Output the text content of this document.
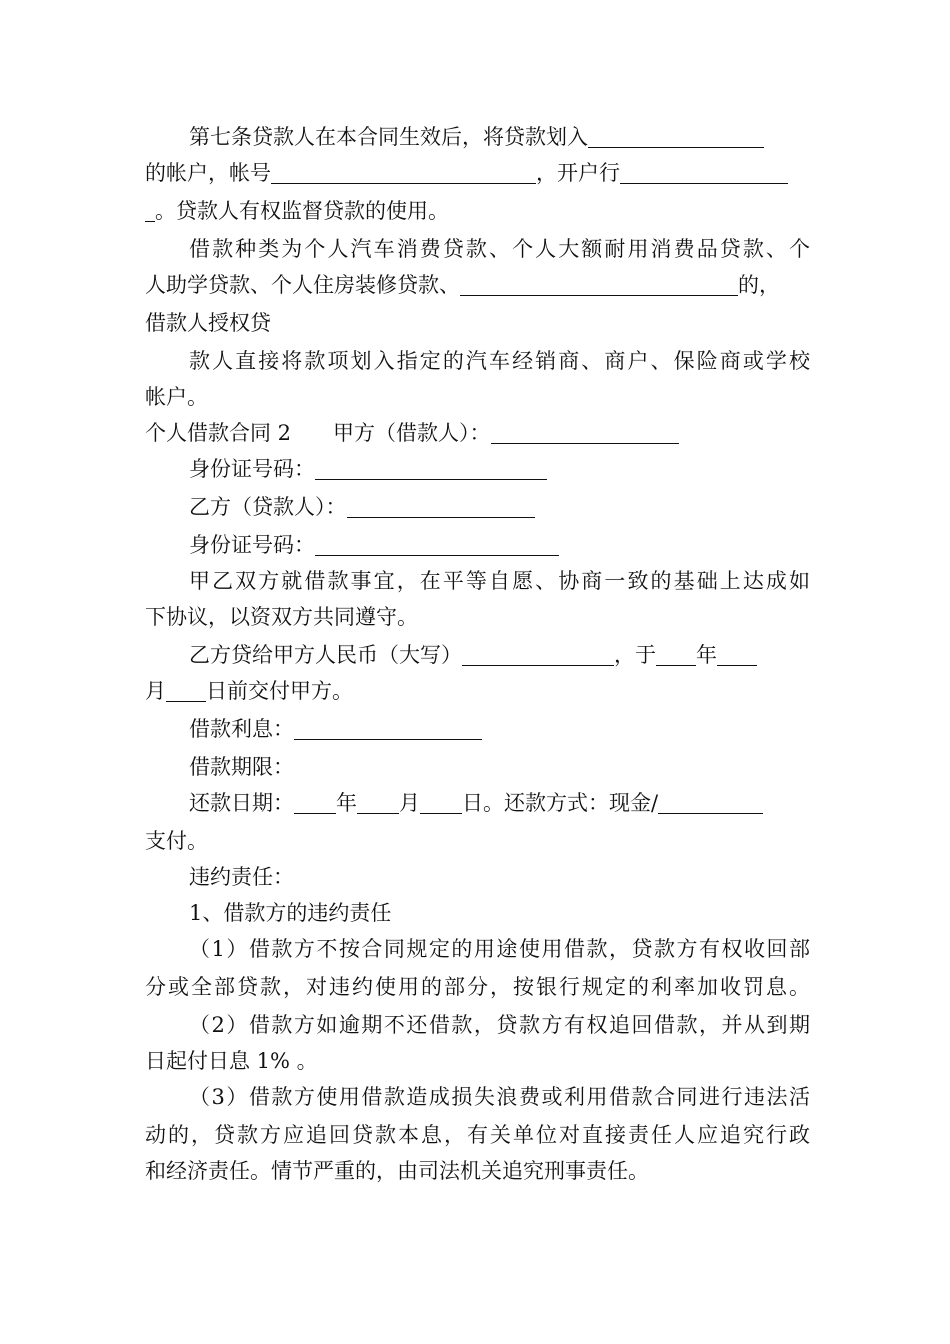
第七条贷款人在本合同生效后，将贷款划入
的帐户，帐号	，开户行
。贷款人有权监督贷款的使用。
借款种类为个人汽车消费贷款、个人大额耐用消费品贷款、个
人助学贷款、个人住房装修贷款、	的，
借款人授权贷
款人直接将款项划入指定的汽车经销商、商户、保险商或学校
帐户。
个人借款合同 2 甲方（借款人）：
身份证号码：
乙方（贷款人）：
身份证号码：
甲乙双方就借款事宜，在平等自愿、协商一致的基础上达成如
下协议，以资双方共同遵守。
乙方贷给甲方人民币（大写）	，于 年
月 日前交付甲方。
借款利息：
借款期限：
还款日期： 年 月 日。还款方式：现金/
支付。
违约责任：
1、借款方的违约责任
（1）借款方不按合同规定的用途使用借款，贷款方有权收回部
分或全部贷款，对违约使用的部分，按银行规定的利率加收罚息。
（2）借款方如逾期不还借款，贷款方有权追回借款，并从到期
日起付日息 1% 。
（3）借款方使用借款造成损失浪费或利用借款合同进行违法活
动的，贷款方应追回贷款本息，有关单位对直接责任人应追究行政
和经济责任。情节严重的，由司法机关追究刑事责任。
